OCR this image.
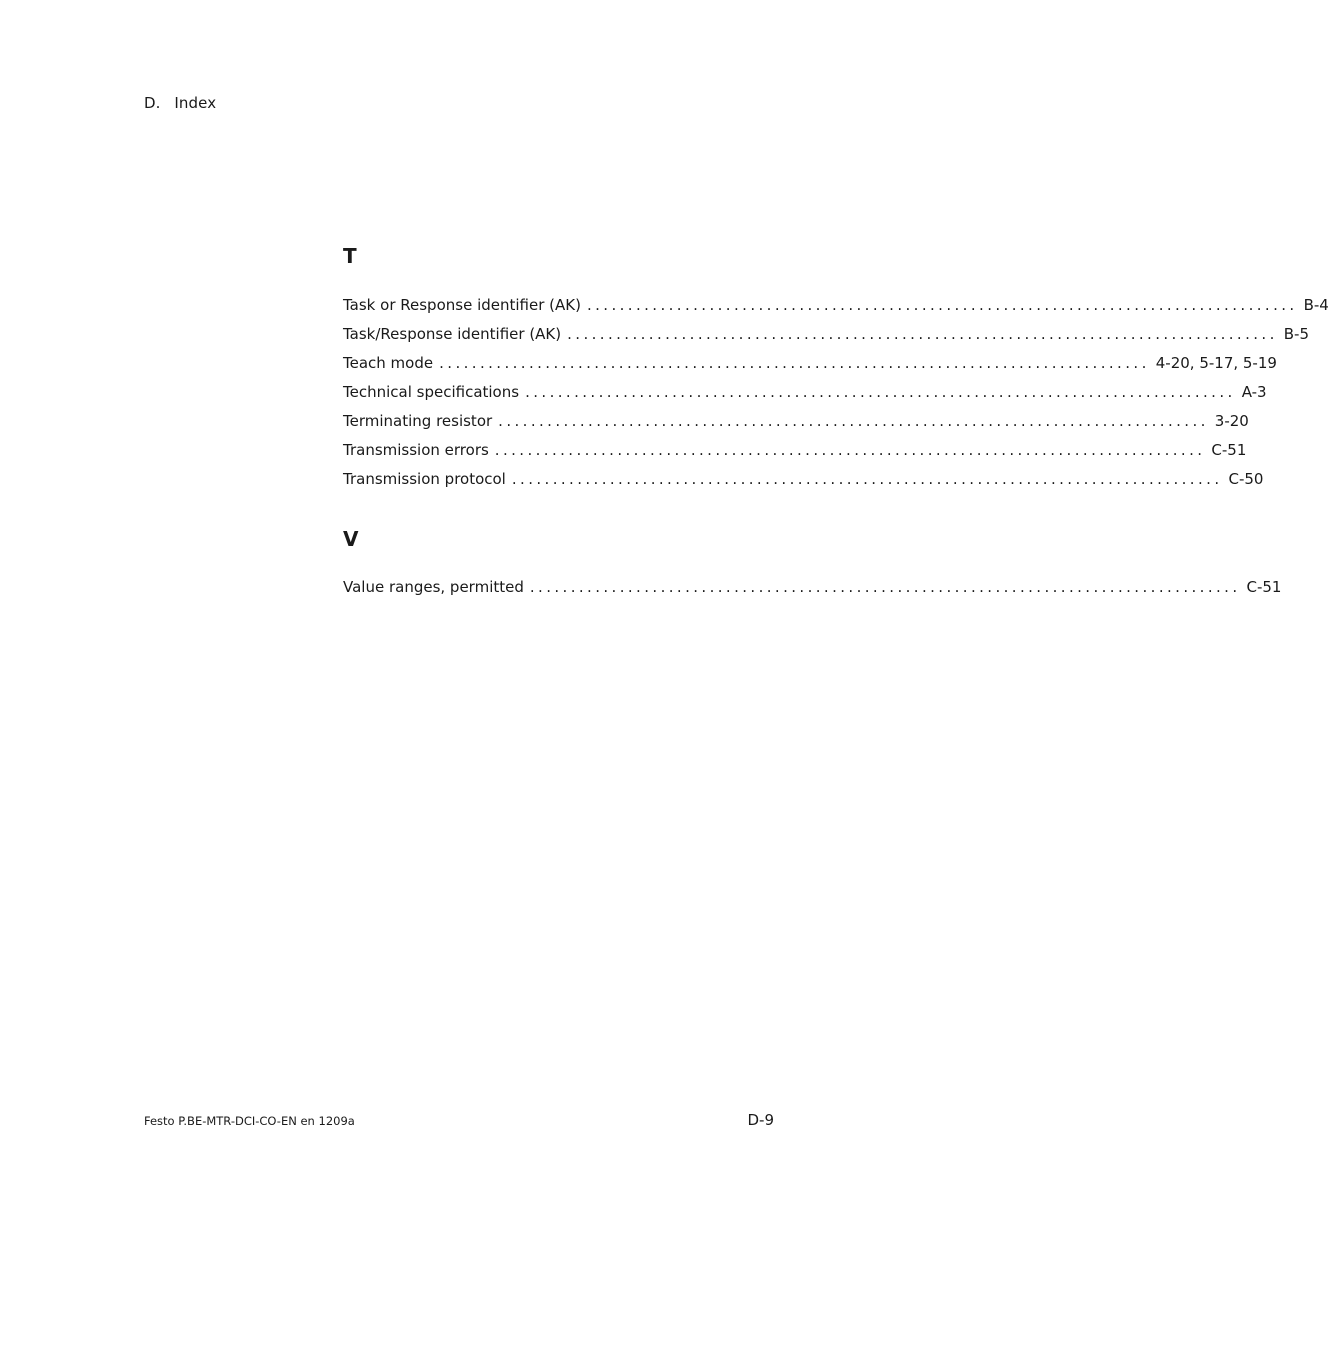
D. Index
T
Task or Response identifier (AK) ....................................................................................... B-4
Task/Response identifier (AK) ....................................................................................... B-5
Teach mode ....................................................................................... 4-20, 5-17, 5-19
Technical specifications ....................................................................................... A-3
Terminating resistor ....................................................................................... 3-20
Transmission errors ....................................................................................... C-51
Transmission protocol ....................................................................................... C-50
V
Value ranges, permitted ....................................................................................... C-51
Festo P.BE-MTR-DCI-CO-EN en 1209a	D-9
